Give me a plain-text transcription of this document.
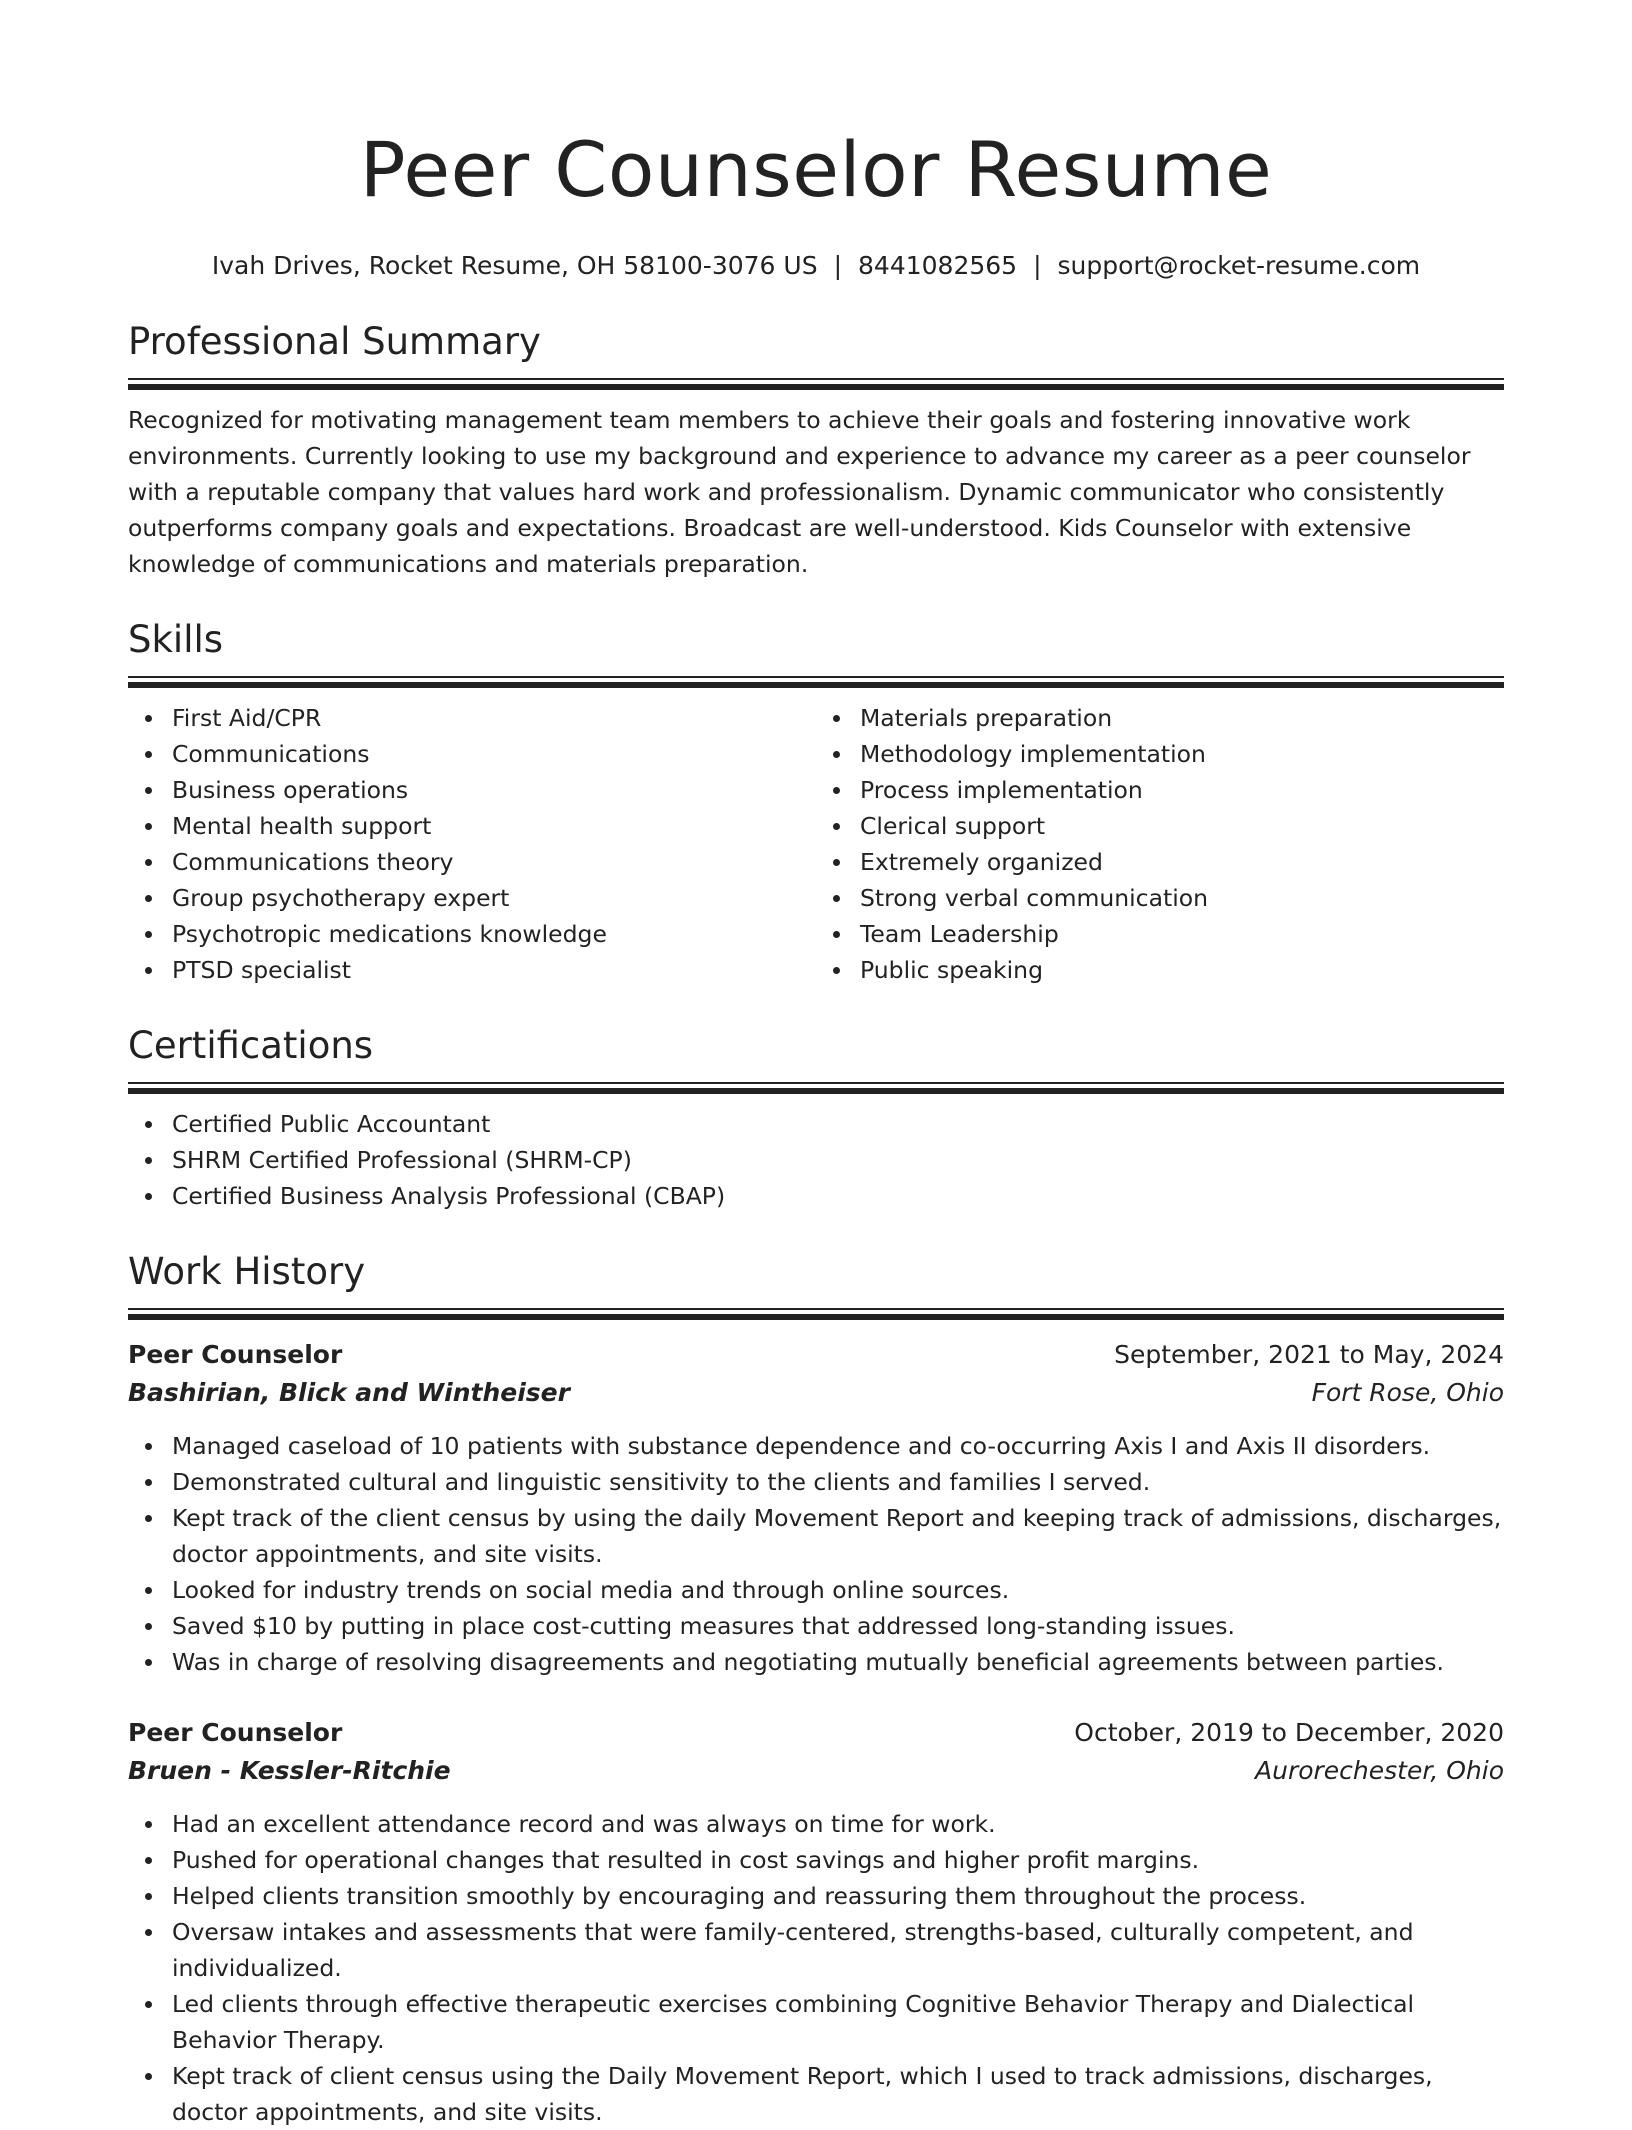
Peer Counselor Resume
Ivah Drives, Rocket Resume, OH 58100-3076 US | 8441082565 | support@rocket-resume.com
Professional Summary

Recognized for motivating management team members to achieve their goals and fostering innovative work environments. Currently looking to use my background and experience to advance my career as a peer counselor with a reputable company that values hard work and professionalism. Dynamic communicator who consistently outperforms company goals and expectations. Broadcast are well-understood. Kids Counselor with extensive knowledge of communications and materials preparation.

Skills
First Aid/CPR
Communications
Business operations
Mental health support
Communications theory
Group psychotherapy expert
Psychotropic medications knowledge
PTSD specialist
Materials preparation
Methodology implementation
Process implementation
Clerical support
Extremely organized
Strong verbal communication
Team Leadership
Public speaking
Certifications
Certified Public Accountant
SHRM Certified Professional (SHRM-CP)
Certified Business Analysis Professional (CBAP)
Work History
Peer Counselor	September, 2021 to May, 2024
Bashirian, Blick and Wintheiser	Fort Rose, Ohio
Managed caseload of 10 patients with substance dependence and co-occurring Axis I and Axis II disorders.
Demonstrated cultural and linguistic sensitivity to the clients and families I served.
Kept track of the client census by using the daily Movement Report and keeping track of admissions, discharges, doctor appointments, and site visits.
Looked for industry trends on social media and through online sources.
Saved $10 by putting in place cost-cutting measures that addressed long-standing issues.
Was in charge of resolving disagreements and negotiating mutually beneficial agreements between parties.
Peer Counselor	October, 2019 to December, 2020
Bruen - Kessler-Ritchie	Aurorechester, Ohio
Had an excellent attendance record and was always on time for work.
Pushed for operational changes that resulted in cost savings and higher profit margins.
Helped clients transition smoothly by encouraging and reassuring them throughout the process.
Oversaw intakes and assessments that were family-centered, strengths-based, culturally competent, and individualized.
Led clients through effective therapeutic exercises combining Cognitive Behavior Therapy and Dialectical Behavior Therapy.
Kept track of client census using the Daily Movement Report, which I used to track admissions, discharges, doctor appointments, and site visits.
